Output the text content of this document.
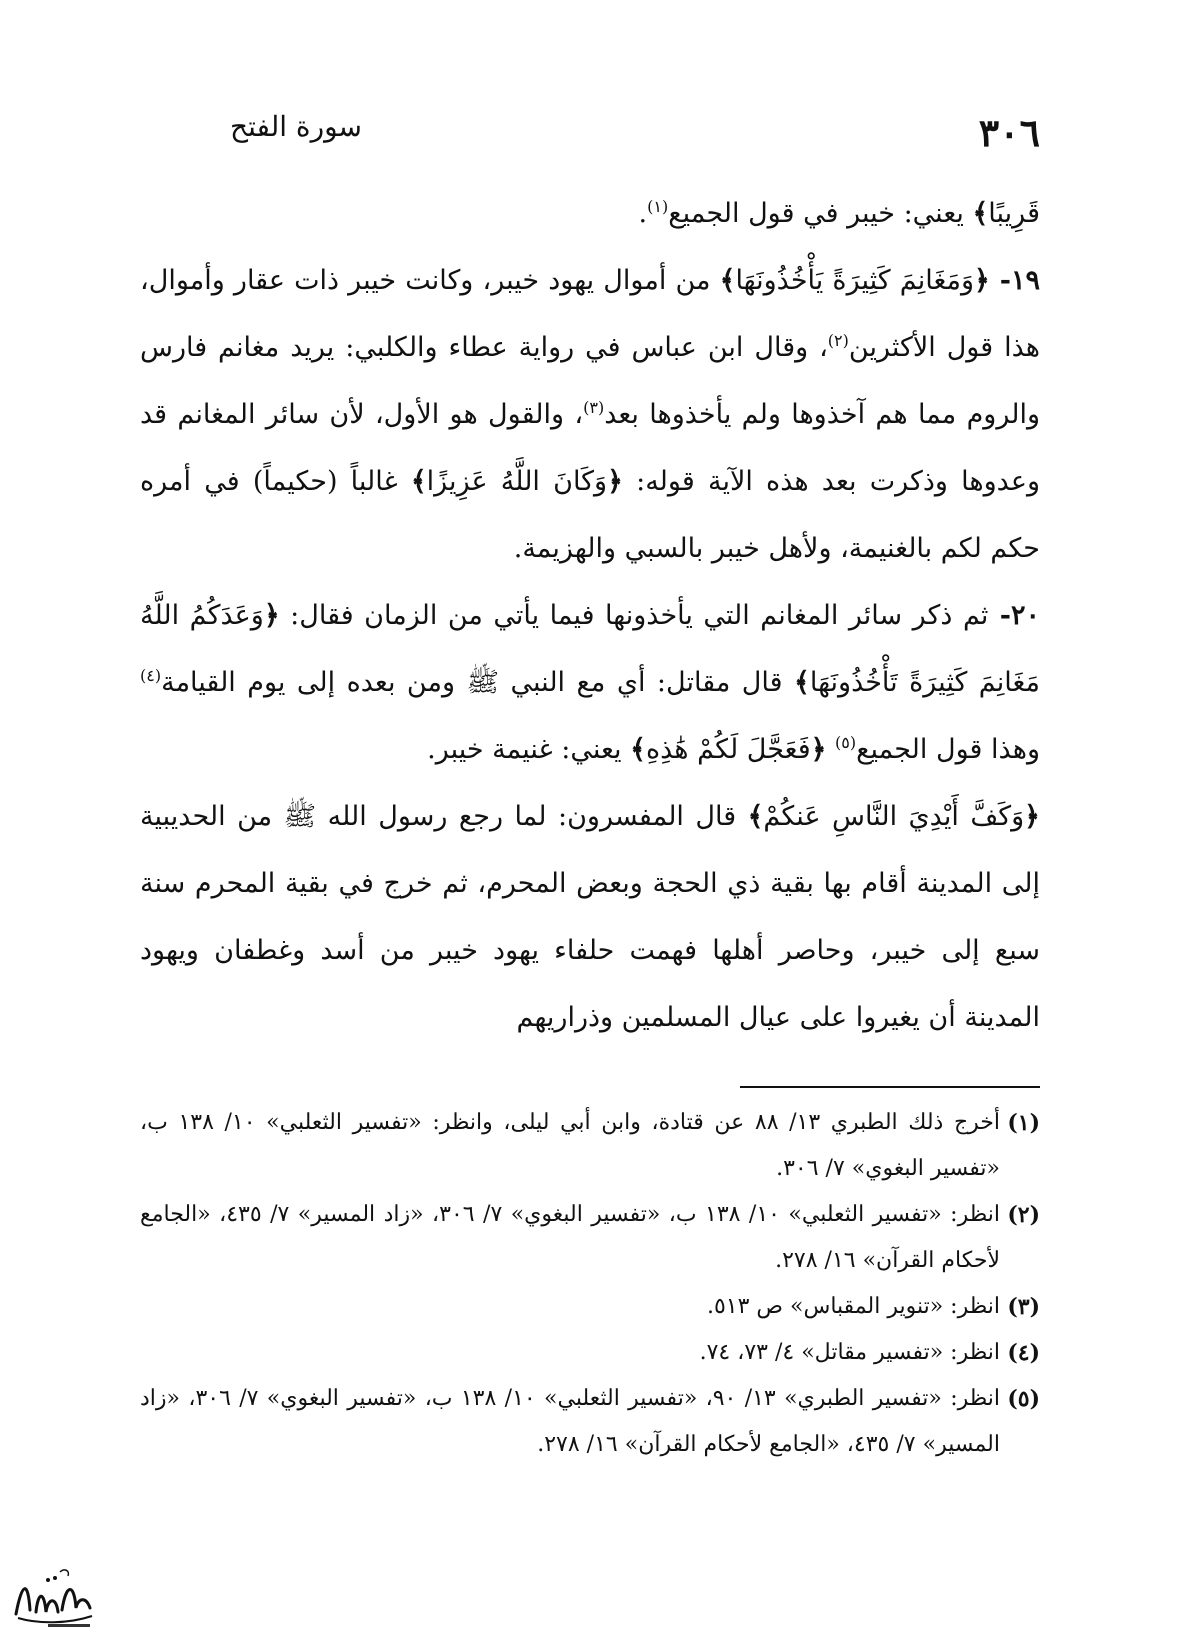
٣٠٦
سورة الفتح

قَرِيبًا﴾ يعني: خيبر في قول الجميع$^{(١)}$.

١٩- ﴿وَمَغَانِمَ كَثِيرَةً يَأْخُذُونَهَا﴾ من أموال يهود خيبر، وكانت خيبر ذات عقار وأموال، هذا قول الأكثرين$^{(٢)}$، وقال ابن عباس في رواية عطاء والكلبي: يريد مغانم فارس والروم مما هم آخذوها ولم يأخذوها بعد$^{(٣)}$، والقول هو الأول، لأن سائر المغانم قد وعدوها وذكرت بعد هذه الآية قوله: ﴿وَكَانَ اللَّهُ عَزِيزًا﴾ غالباً (حكيماً) في أمره حكم لكم بالغنيمة، ولأهل خيبر بالسبي والهزيمة.

٢٠- ثم ذكر سائر المغانم التي يأخذونها فيما يأتي من الزمان فقال: ﴿وَعَدَكُمُ اللَّهُ مَغَانِمَ كَثِيرَةً تَأْخُذُونَهَا﴾ قال مقاتل: أي مع النبي ﷺ ومن بعده إلى يوم القيامة$^{(٤)}$ وهذا قول الجميع$^{(٥)}$ ﴿فَعَجَّلَ لَكُمْ هَٰذِهِ﴾ يعني: غنيمة خيبر.

﴿وَكَفَّ أَيْدِيَ النَّاسِ عَنكُمْ﴾ قال المفسرون: لما رجع رسول الله ﷺ من الحديبية إلى المدينة أقام بها بقية ذي الحجة وبعض المحرم، ثم خرج في بقية المحرم سنة سبع إلى خيبر، وحاصر أهلها فهمت حلفاء يهود خيبر من أسد وغطفان ويهود المدينة أن يغيروا على عيال المسلمين وذراريهم

(١)
أخرج ذلك الطبري ١٣/ ٨٨ عن قتادة، وابن أبي ليلى، وانظر: «تفسير الثعلبي» ١٠/ ١٣٨ ب، «تفسير البغوي» ٧/ ٣٠٦.
(٢)
انظر: «تفسير الثعلبي» ١٠/ ١٣٨ ب، «تفسير البغوي» ٧/ ٣٠٦، «زاد المسير» ٧/ ٤٣٥، «الجامع لأحكام القرآن» ١٦/ ٢٧٨.
(٣)
انظر: «تنوير المقباس» ص ٥١٣.
(٤)
انظر: «تفسير مقاتل» ٤/ ٧٣، ٧٤.
(٥)
انظر: «تفسير الطبري» ١٣/ ٩٠، «تفسير الثعلبي» ١٠/ ١٣٨ ب، «تفسير البغوي» ٧/ ٣٠٦، «زاد المسير» ٧/ ٤٣٥، «الجامع لأحكام القرآن» ١٦/ ٢٧٨.
